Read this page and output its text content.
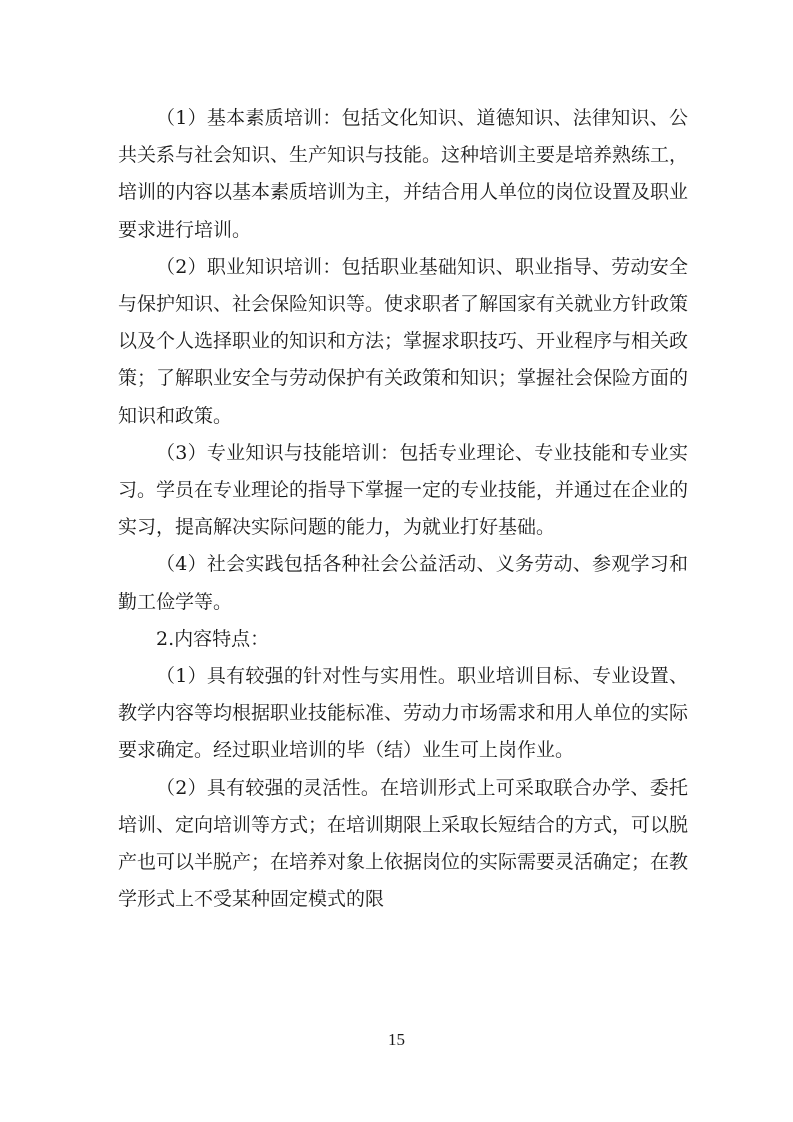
（1）基本素质培训：包括文化知识、道德知识、法律知识、公共关系与社会知识、生产知识与技能。这种培训主要是培养熟练工，培训的内容以基本素质培训为主，并结合用人单位的岗位设置及职业要求进行培训。

（2）职业知识培训：包括职业基础知识、职业指导、劳动安全与保护知识、社会保险知识等。使求职者了解国家有关就业方针政策以及个人选择职业的知识和方法；掌握求职技巧、开业程序与相关政策；了解职业安全与劳动保护有关政策和知识；掌握社会保险方面的知识和政策。

（3）专业知识与技能培训：包括专业理论、专业技能和专业实习。学员在专业理论的指导下掌握一定的专业技能，并通过在企业的实习，提高解决实际问题的能力，为就业打好基础。

（4）社会实践包括各种社会公益活动、义务劳动、参观学习和勤工俭学等。

2.内容特点：

（1）具有较强的针对性与实用性。职业培训目标、专业设置、教学内容等均根据职业技能标准、劳动力市场需求和用人单位的实际要求确定。经过职业培训的毕（结）业生可上岗作业。

（2）具有较强的灵活性。在培训形式上可采取联合办学、委托培训、定向培训等方式；在培训期限上采取长短结合的方式，可以脱产也可以半脱产；在培养对象上依据岗位的实际需要灵活确定；在教学形式上不受某种固定模式的限

15
